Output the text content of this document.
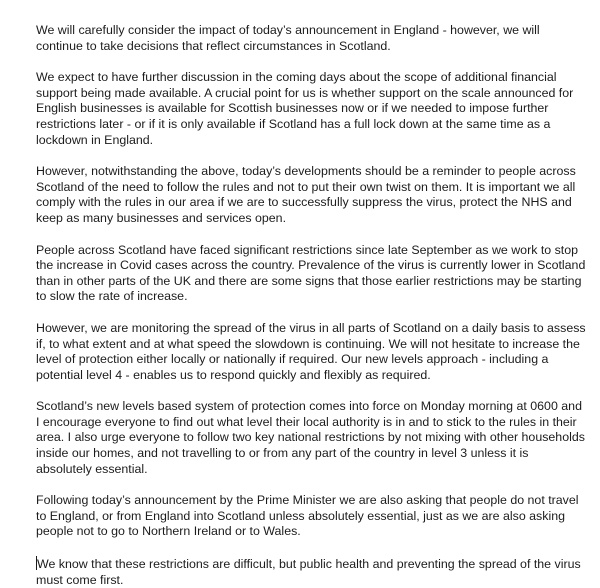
We will carefully consider the impact of today’s announcement in England - however, we will continue to take decisions that reflect circumstances in Scotland.

We expect to have further discussion in the coming days about the scope of additional financial support being made available. A crucial point for us is whether support on the scale announced for English businesses is available for Scottish businesses now or if we needed to impose further restrictions later - or if it is only available if Scotland has a full lock down at the same time as a lockdown in England.

However, notwithstanding the above, today’s developments should be a reminder to people across Scotland of the need to follow the rules and not to put their own twist on them. It is important we all comply with the rules in our area if we are to successfully suppress the virus, protect the NHS and keep as many businesses and services open.

People across Scotland have faced significant restrictions since late September as we work to stop the increase in Covid cases across the country. Prevalence of the virus is currently lower in Scotland than in other parts of the UK and there are some signs that those earlier restrictions may be starting to slow the rate of increase.

However, we are monitoring the spread of the virus in all parts of Scotland on a daily basis to assess if, to what extent and at what speed the slowdown is continuing. We will not hesitate to increase the level of protection either locally or nationally if required. Our new levels approach - including a potential level 4 - enables us to respond quickly and flexibly as required.

Scotland’s new levels based system of protection comes into force on Monday morning at 0600 and I encourage everyone to find out what level their local authority is in and to stick to the rules in their area. I also urge everyone to follow two key national restrictions by not mixing with other households inside our homes, and not travelling to or from any part of the country in level 3 unless it is absolutely essential.

Following today’s announcement by the Prime Minister we are also asking that people do not travel to England, or from England into Scotland unless absolutely essential, just as we are also asking people not to go to Northern Ireland or to Wales.

We know that these restrictions are difficult, but public health and preventing the spread of the virus must come first.
